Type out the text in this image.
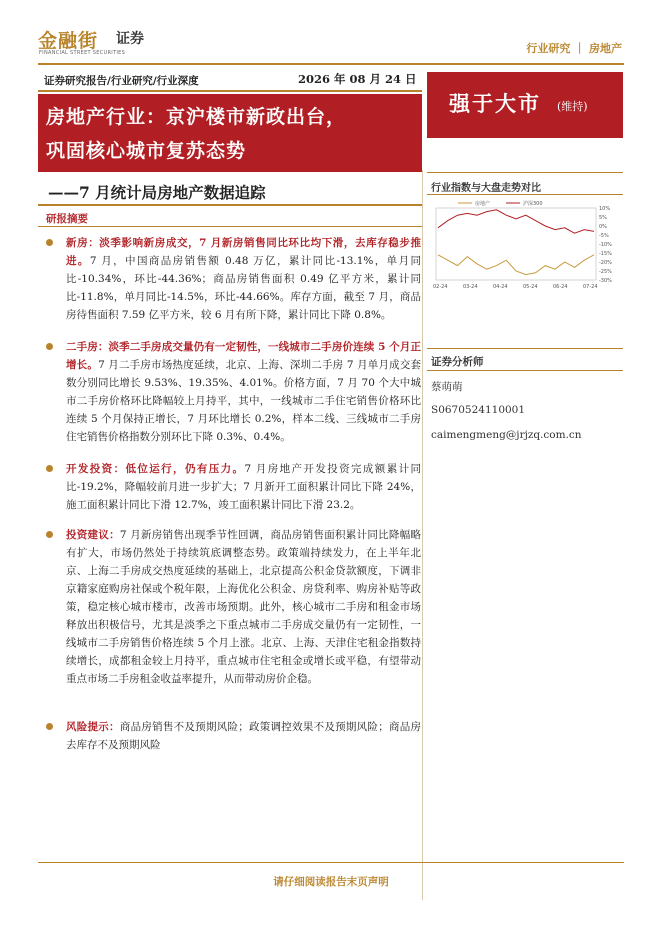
金融街 证券
FINANCIAL STREET SECURITIES	行业研究 ｜ 房地产
证券研究报告/行业研究/行业深度	2026 年 08 月 24 日
房地产行业：京沪楼市新政出台，
巩固核心城市复苏态势
——7 月统计局房地产数据追踪
强于大市 (维持)
研报摘要
新房：淡季影响新房成交，7 月新房销售同比环比均下滑，去库存稳步推进。7 月，中国商品房销售额 0.48 万亿，累计同比-13.1%，单月同比-10.34%，环比-44.36%；商品房销售面积 0.49 亿平方米，累计同比-11.8%，单月同比-14.5%，环比-44.66%。库存方面，截至 7 月，商品房待售面积 7.59 亿平方米，较 6 月有所下降，累计同比下降 0.8%。
二手房：淡季二手房成交量仍有一定韧性，一线城市二手房价连续 5 个月正增长。7 月二手房市场热度延续，北京、上海、深圳二手房 7 月单月成交套数分别同比增长 9.53%、19.35%、4.01%。价格方面，7 月 70 个大中城市二手房价格环比降幅较上月持平，其中，一线城市二手住宅销售价格环比连续 5 个月保持正增长，7 月环比增长 0.2%，样本二线、三线城市二手房住宅销售价格指数分别环比下降 0.3%、0.4%。
开发投资：低位运行，仍有压力。7 月房地产开发投资完成额累计同比-19.2%，降幅较前月进一步扩大；7 月新开工面积累计同比下降 24%，施工面积累计同比下滑 12.7%，竣工面积累计同比下滑 23.2。
投资建议：7 月新房销售出现季节性回调，商品房销售面积累计同比降幅略有扩大，市场仍然处于持续筑底调整态势。政策端持续发力，在上半年北京、上海二手房成交热度延续的基础上，北京提高公积金贷款额度，下调非京籍家庭购房社保或个税年限，上海优化公积金、房贷利率、购房补贴等政策，稳定核心城市楼市，改善市场预期。此外，核心城市二手房和租金市场释放出积极信号，尤其是淡季之下重点城市二手房成交量仍有一定韧性，一线城市二手房销售价格连续 5 个月上涨。北京、上海、天津住宅租金指数持续增长，成都租金较上月持平，重点城市住宅租金或增长或平稳，有望带动重点市场二手房租金收益率提升，从而带动房价企稳。
风险提示：商品房销售不及预期风险；政策调控效果不及预期风险；商品房去库存不及预期风险
行业指数与大盘走势对比
10%
5%
0%
-5%
-10%
-15%
-20%
-25%
-30%
02-24	03-24	04-24	05-24	06-24	07-24
房地产	沪深300
证券分析师
蔡萌萌
S0670524110001
caimengmeng@jrjzq.com.cn
请仔细阅读报告末页声明
